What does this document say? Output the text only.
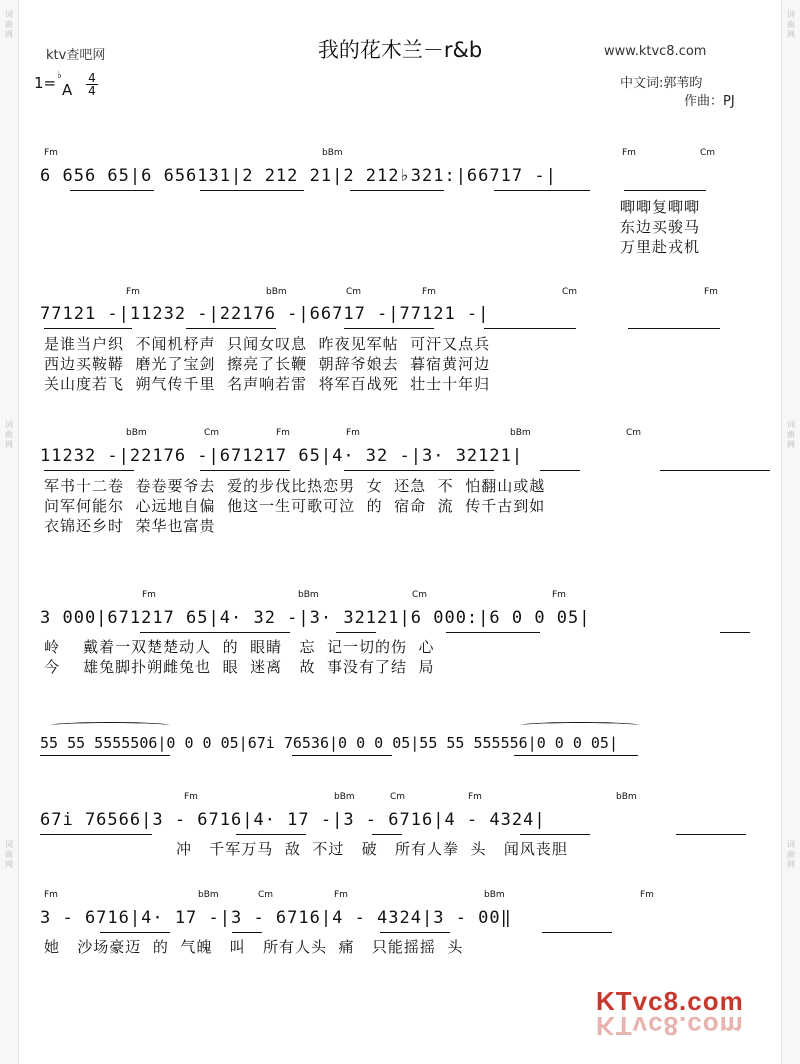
词
曲
网
词
曲
网
词
曲
网
词
曲
网
词
曲
网
词
曲
网
ktv查吧网	我的花木兰－r&b	www.ktvc8.com
1= ♭
A
4
4	中文词:郭苇昀
作曲：PJ
Fm	bBm	Fm	Cm
6 656 65|6 656131|2 212 21|2 212♭321:|66717 -|
唧唧复唧唧
东边买骏马
万里赴戎机
Fm	bBm	Cm	Fm	Cm	Fm
77121 -|11232 -|22176 -|66717 -|77121 -|
是谁当户织  不闻机杼声  只闻女叹息  昨夜见军帖  可汗又点兵
西边买鞍鞯  磨光了宝剑  擦亮了长鞭  朝辞爷娘去  暮宿黄河边
关山度若飞  朔气传千里  名声响若雷  将军百战死  壮士十年归
bBm	Cm	Fm	Fm	bBm	Cm
11232 -|22176 -|671217 65|4· 32 -|3· 32121|
军书十二卷  卷卷要爷去  爱的步伐比热恋男  女  还急  不  怕翻山或越
问军何能尔  心远地自偏  他这一生可歌可泣  的  宿命  流  传千古到如
衣锦还乡时  荣华也富贵
Fm	bBm	Cm	Fm
3 000|671217 65|4· 32 -|3· 32121|6 000:|6 0 0 05|
岭    戴着一双楚楚动人  的  眼睛   忘  记一切的伤  心
今    雄兔脚扑朔雌兔也  眼  迷离   故  事没有了结  局
55 55 5555506|0 0 0 05|67i 76536|0 0 0 05|55 55 555556|0 0 0 05|
Fm	bBm	Cm	Fm	bBm
67i 76566|3 - 6716|4· 17 -|3 - 6716|4 - 4324|
冲   千军万马  敌  不过   破   所有人拳  头   闻风丧胆
Fm	bBm	Cm	Fm	bBm	Fm
3 - 6716|4· 17 -|3 - 6716|4 - 4324|3 - 00‖
她   沙场豪迈  的  气魄   叫   所有人头  痛   只能摇摇  头
KTvc8.com
KTvc8.com
